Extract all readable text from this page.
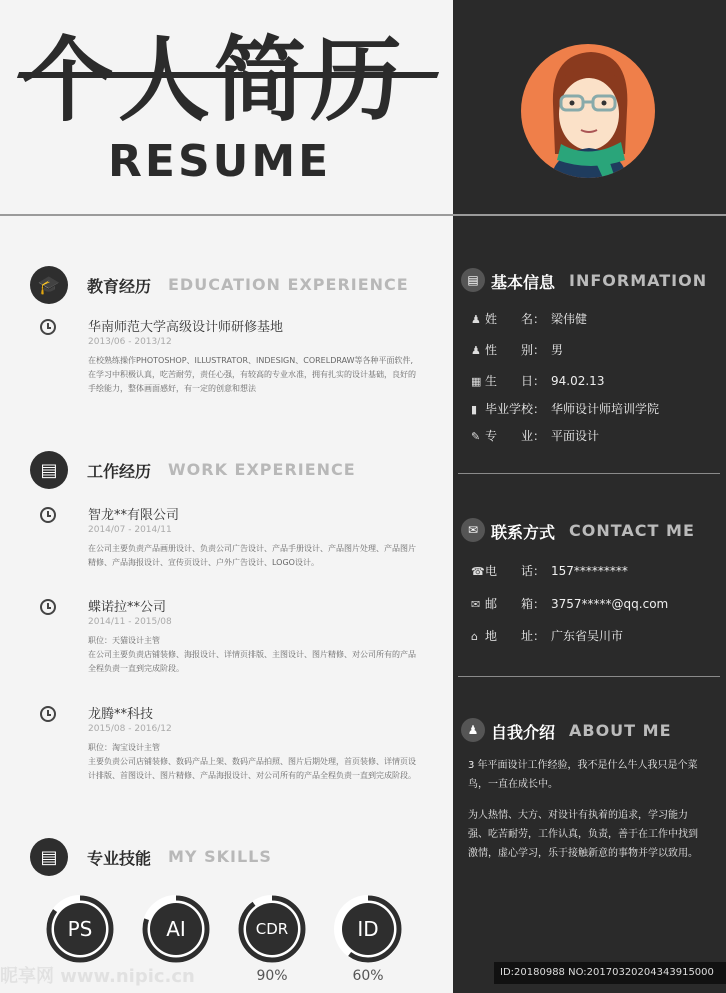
个人简历
RESUME
🎓	教育经历 EDUCATION EXPERIENCE
华南师范大学高级设计师研修基地
2013/06 - 2013/12
在校熟练操作PHOTOSHOP、ILLUSTRATOR、INDESIGN、CORELDRAW等各种平面软件,在学习中积极认真，吃苦耐劳，责任心强，有较高的专业水准，拥有扎实的设计基础，良好的手绘能力，整体画面感好，有一定的创意和想法
▤	工作经历 WORK EXPERIENCE
智龙**有限公司
2014/07 - 2014/11
在公司主要负责产品画册设计、负责公司广告设计、产品手册设计、产品图片处理、产品图片精修、产品海报设计、宣传页设计、户外广告设计、LOGO设计。
蝶诺拉**公司
2014/11 - 2015/08
职位：天猫设计主管
在公司主要负责店铺装修、海报设计、详情页排版、主图设计、图片精修、对公司所有的产品全程负责一直到完成阶段。
龙腾**科技
2015/08 - 2016/12
职位：淘宝设计主管
主要负责公司店铺装修、数码产品上架、数码产品拍照、图片后期处理，首页装修、详情页设计排版、首图设计、图片精修、产品海报设计、对公司所有的产品全程负责一直到完成阶段。
▤	专业技能 MY SKILLS
PS	AI	CDR	ID
90%	60%
▤ 基本信息 INFORMATION
♟ 姓　　名： 梁伟健
♟ 性　　别： 男
▦ 生　　日： 94.02.13
▮ 毕业学校： 华师设计师培训学院
✎ 专　　业： 平面设计
✉ 联系方式 CONTACT ME
☎电　　话： 157*********
✉ 邮　　箱： 3757*****@qq.com
⌂ 地　　址： 广东省吴川市
♟ 自我介绍 ABOUT ME
3 年平面设计工作经验，我不是什么牛人我只是个菜鸟，一直在成长中。
为人热情、大方、对设计有执着的追求，学习能力强、吃苦耐劳，工作认真，负责，善于在工作中找到激情，虚心学习，乐于接触新意的事物并学以致用。
昵享网 www.nipic.cn	ID:20180988 NO:20170320204343915000
